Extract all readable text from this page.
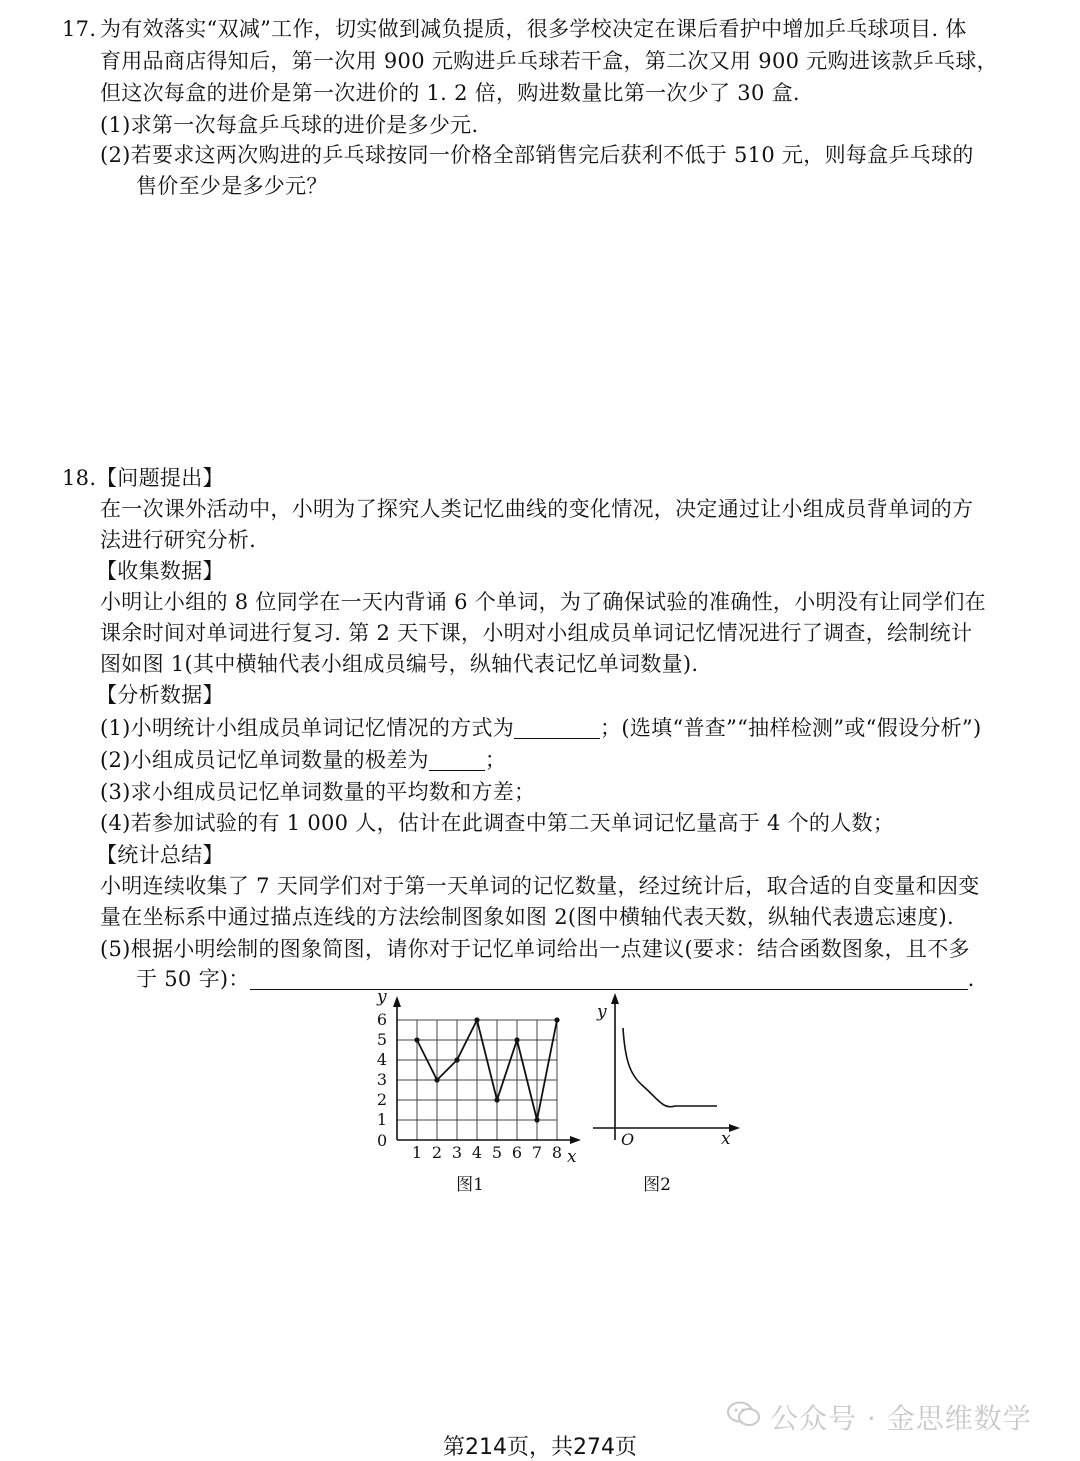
17. 为有效落实“双减”工作，切实做到减负提质，很多学校决定在课后看护中增加乒乓球项目. 体
育用品商店得知后，第一次用 900 元购进乒乓球若干盒，第二次又用 900 元购进该款乒乓球，
但这次每盒的进价是第一次进价的 1. 2 倍，购进数量比第一次少了 30 盒.
(1)求第一次每盒乒乓球的进价是多少元.
(2)若要求这两次购进的乒乓球按同一价格全部销售完后获利不低于 510 元，则每盒乒乓球的
售价至少是多少元？
18. 【问题提出】
在一次课外活动中，小明为了探究人类记忆曲线的变化情况，决定通过让小组成员背单词的方
法进行研究分析.
【收集数据】
小明让小组的 8 位同学在一天内背诵 6 个单词，为了确保试验的准确性，小明没有让同学们在
课余时间对单词进行复习. 第 2 天下课，小明对小组成员单词记忆情况进行了调查，绘制统计
图如图 1(其中横轴代表小组成员编号，纵轴代表记忆单词数量).
【分析数据】
(1)小明统计小组成员单词记忆情况的方式为	；(选填“普查”“抽样检测”或“假设分析”)
(2)小组成员记忆单词数量的极差为	；
(3)求小组成员记忆单词数量的平均数和方差；
(4)若参加试验的有 1 000 人，估计在此调查中第二天单词记忆量高于 4 个的人数；
【统计总结】
小明连续收集了 7 天同学们对于第一天单词的记忆数量，经过统计后，取合适的自变量和因变
量在坐标系中通过描点连线的方法绘制图象如图 2(图中横轴代表天数，纵轴代表遗忘速度).
(5)根据小明绘制的图象简图，请你对于记忆单词给出一点建议(要求：结合函数图象，且不多
于 50 字)：	.
1 2 3 4 5 6 7 8
1
2
3
4
5
6
y
x
0
图1
y
x
O
图2
公众号 · 金思维数学
第214页，共274页
